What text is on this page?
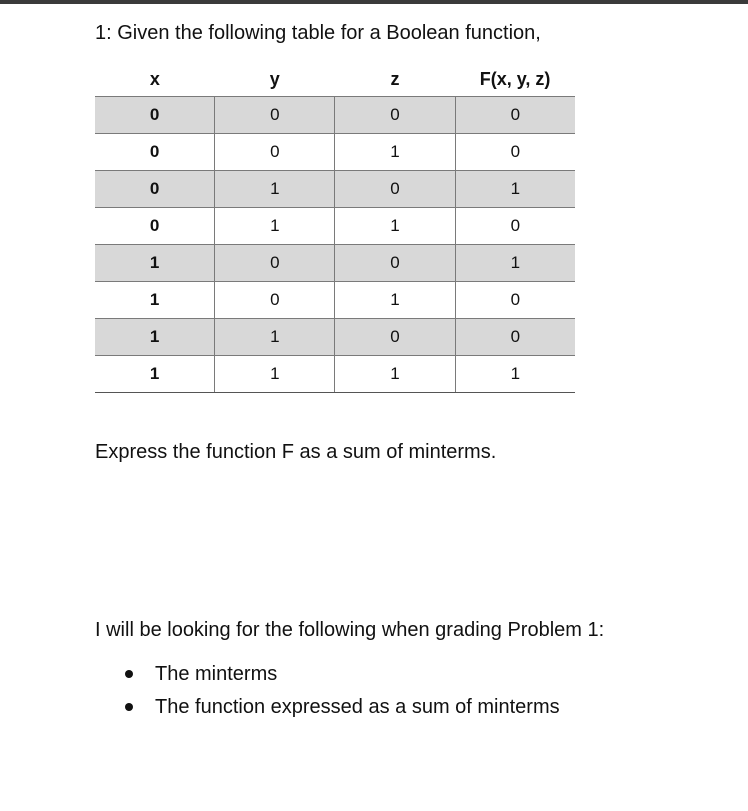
1: Given the following table for a Boolean function,
x	y	z	F(x, y, z)
0	0	0	0
0	0	1	0
0	1	0	1
0	1	1	0
1	0	0	1
1	0	1	0
1	1	0	0
1	1	1	1
Express the function F as a sum of minterms.
I will be looking for the following when grading Problem 1:
The minterms
The function expressed as a sum of minterms
